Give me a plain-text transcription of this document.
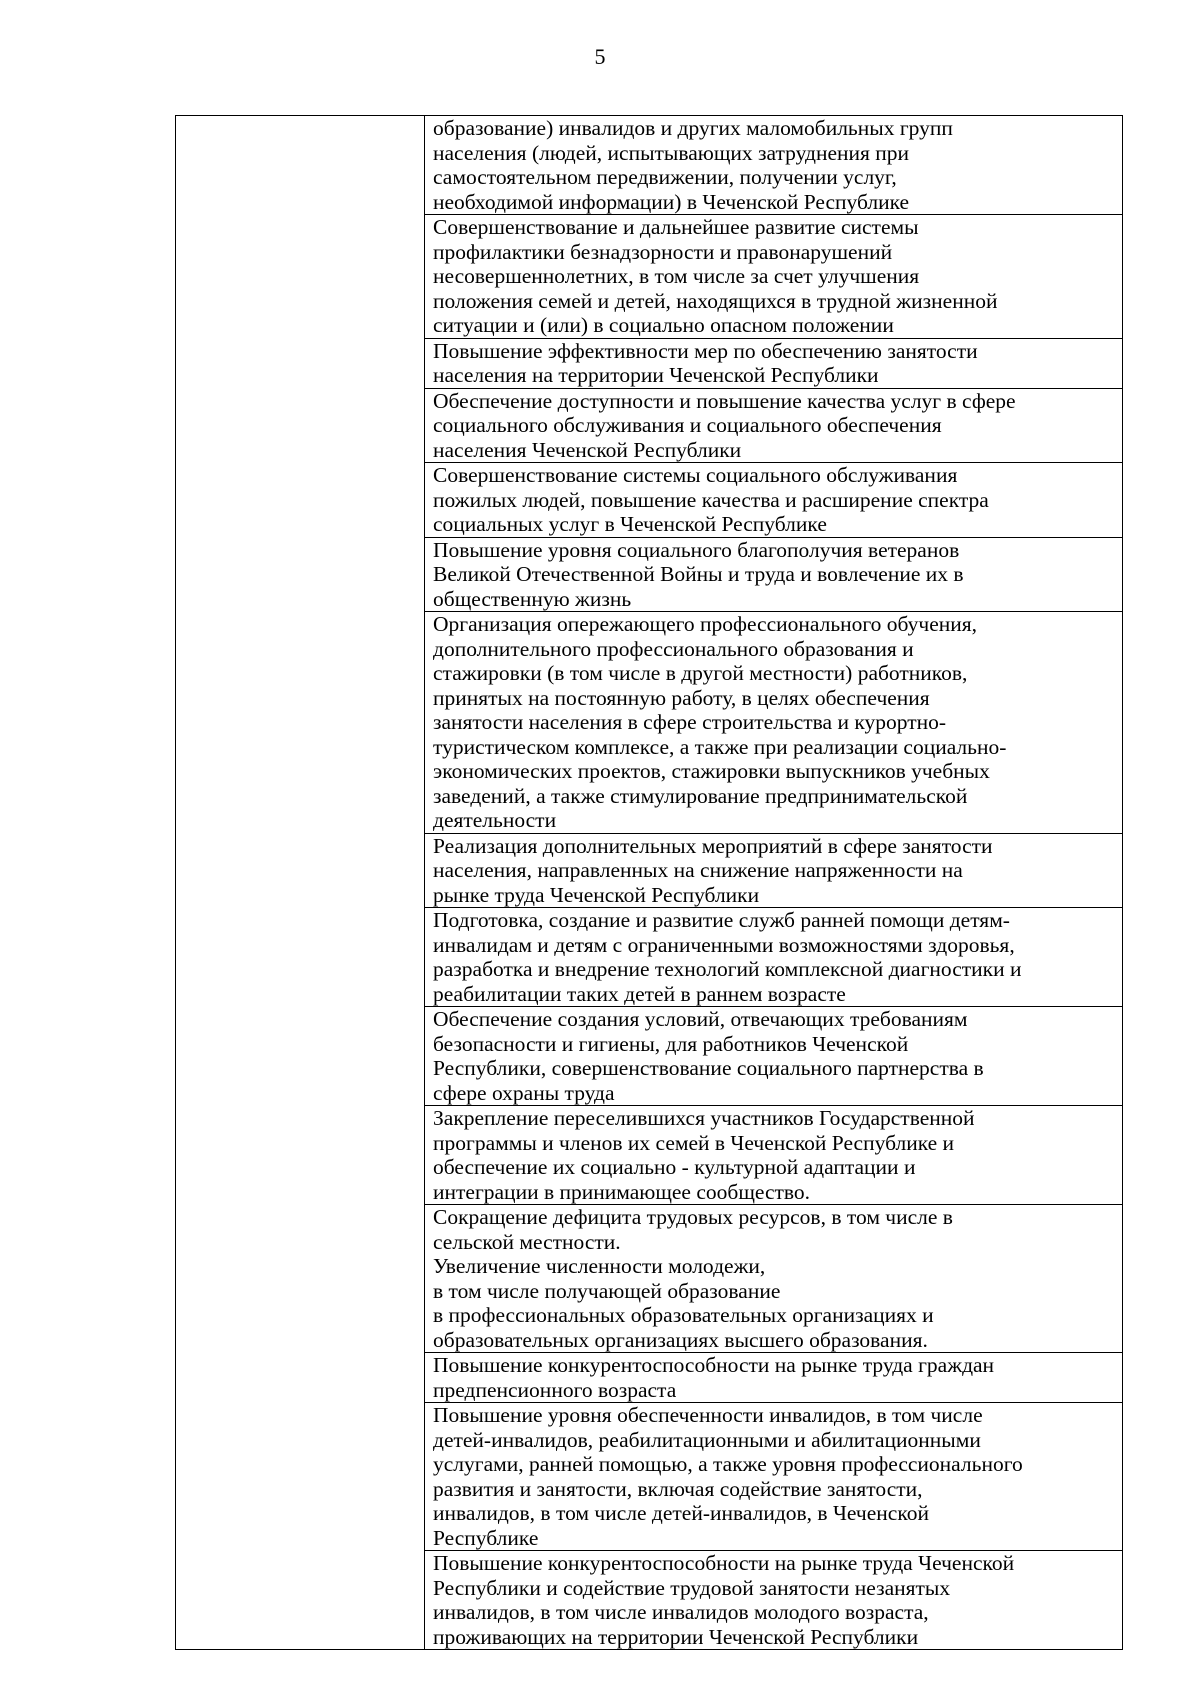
5

образование) инвалидов и других маломобильных групп
населения (людей, испытывающих затруднения при
самостоятельном передвижении, получении услуг,
необходимой информации) в Чеченской Республике

Совершенствование и дальнейшее развитие системы
профилактики безнадзорности и правонарушений
несовершеннолетних, в том числе за счет улучшения
положения семей и детей, находящихся в трудной жизненной
ситуации и (или) в социально опасном положении

Повышение эффективности мер по обеспечению занятости
населения на территории Чеченской Республики

Обеспечение доступности и повышение качества услуг в сфере
социального обслуживания и социального обеспечения
населения Чеченской Республики

Совершенствование системы социального обслуживания
пожилых людей, повышение качества и расширение спектра
социальных услуг в Чеченской Республике

Повышение уровня социального благополучия ветеранов
Великой Отечественной Войны и труда и вовлечение их в
общественную жизнь

Организация опережающего профессионального обучения,
дополнительного профессионального образования и
стажировки (в том числе в другой местности) работников,
принятых на постоянную работу, в целях обеспечения
занятости населения в сфере строительства и курортно-
туристическом комплексе, а также при реализации социально-
экономических проектов, стажировки выпускников учебных
заведений, а также стимулирование предпринимательской
деятельности

Реализация дополнительных мероприятий в сфере занятости
населения, направленных на снижение напряженности на
рынке труда Чеченской Республики

Подготовка, создание и развитие служб ранней помощи детям-
инвалидам и детям с ограниченными возможностями здоровья,
разработка и внедрение технологий комплексной диагностики и
реабилитации таких детей в раннем возрасте

Обеспечение создания условий, отвечающих требованиям
безопасности и гигиены, для работников Чеченской
Республики, совершенствование социального партнерства в
сфере охраны труда

Закрепление переселившихся участников Государственной
программы и членов их семей в Чеченской Республике и
обеспечение их социально - культурной адаптации и
интеграции в принимающее сообщество.

Сокращение дефицита трудовых ресурсов, в том числе в
сельской местности.
Увеличение численности молодежи,
в том числе получающей образование
в профессиональных образовательных организациях и
образовательных организациях высшего образования.

Повышение конкурентоспособности на рынке труда граждан
предпенсионного возраста

Повышение уровня обеспеченности инвалидов, в том числе
детей-инвалидов, реабилитационными и абилитационными
услугами, ранней помощью, а также уровня профессионального
развития и занятости, включая содействие занятости,
инвалидов, в том числе детей-инвалидов, в Чеченской
Республике

Повышение конкурентоспособности на рынке труда Чеченской
Республики и содействие трудовой занятости незанятых
инвалидов, в том числе инвалидов молодого возраста,
проживающих на территории Чеченской Республики
